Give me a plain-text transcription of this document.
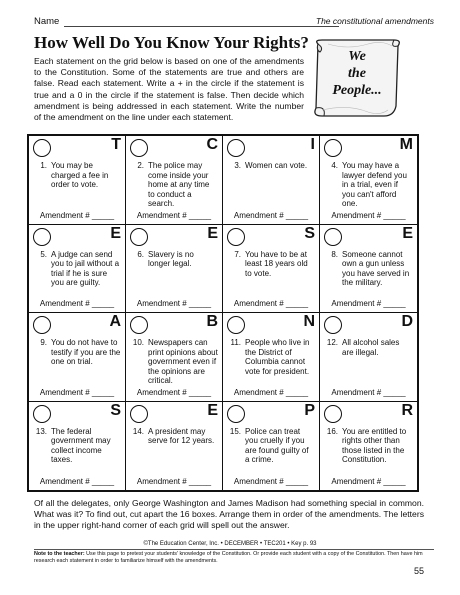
Name	The constitutional amendments
How Well Do You Know Your Rights?
Each statement on the grid below is based on one of the amendments to the Constitution. Some of the statements are true and others are false. Read each statement. Write a + in the circle if the statement is true and a 0 in the circle if the statement is false. Then decide which amendment is being addressed in each statement. Write the number of the amendment on the line under each statement.
We
the
People...
T
1. You may be charged a fee in order to vote.
Amendment # _____
C
2. The police may come inside your home at any time to conduct a search.
Amendment # _____
I
3. Women can vote.
Amendment # _____
M
4. You may have a lawyer defend you in a trial, even if you can't afford one.
Amendment # _____
E
5. A judge can send you to jail without a trial if he is sure you are guilty.
Amendment # _____
E
6. Slavery is no longer legal.
Amendment # _____
S
7. You have to be at least 18 years old to vote.
Amendment # _____
E
8. Someone cannot own a gun unless you have served in the military.
Amendment # _____
A
9. You do not have to testify if you are the one on trial.
Amendment # _____
B
10. Newspapers can print opinions about government even if the opinions are critical.
Amendment # _____
N
11. People who live in the District of Columbia cannot vote for president.
Amendment # _____
D
12. All alcohol sales are illegal.
Amendment # _____
S
13. The federal government may collect income taxes.
Amendment # _____
E
14. A president may serve for 12 years.
Amendment # _____
P
15. Police can treat you cruelly if you are found guilty of a crime.
Amendment # _____
R
16. You are entitled to rights other than those listed in the Constitution.
Amendment # _____
Of all the delegates, only George Washington and James Madison had something special in common. What was it? To find out, cut apart the 16 boxes. Arrange them in order of the amendments. The letters in the upper right-hand corner of each grid will spell out the answer.
©The Education Center, Inc. • DECEMBER • TEC201 • Key p. 93
Note to the teacher: Use this page to pretest your students' knowledge of the Constitution. Or provide each student with a copy of the Constitution. Then have him research each statement in order to familiarize himself with the amendments.
55
